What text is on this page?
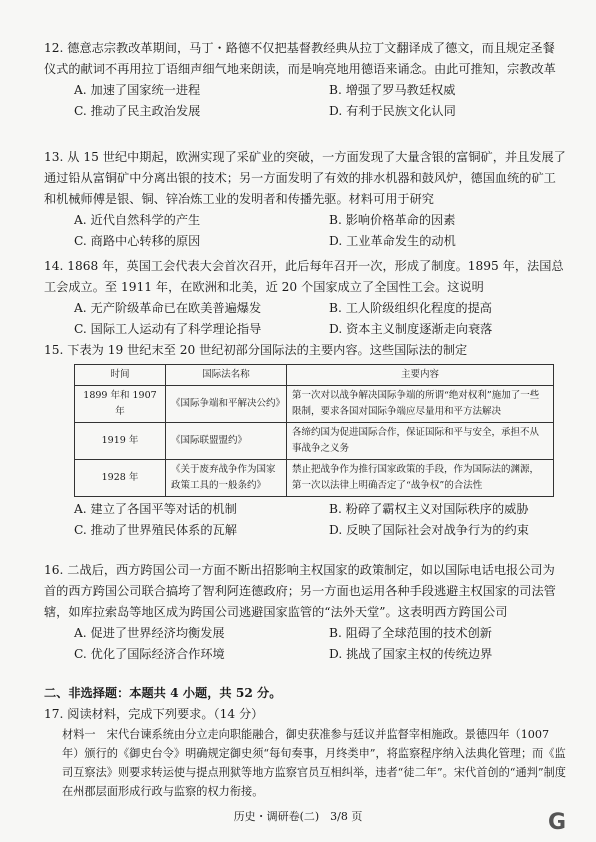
12. 德意志宗教改革期间，马丁・路德不仅把基督教经典从拉丁文翻译成了德文，而且规定圣餐仪式的献词不再用拉丁语细声细气地来朗读，而是响亮地用德语来诵念。由此可推知，宗教改革
A. 加速了国家统一进程	B. 增强了罗马教廷权威
C. 推动了民主政治发展	D. 有利于民族文化认同
13. 从 15 世纪中期起，欧洲实现了采矿业的突破，一方面发现了大量含银的富铜矿，并且发展了通过铅从富铜矿中分离出银的技术；另一方面发明了有效的排水机器和鼓风炉，德国血统的矿工和机械师傅是银、铜、锌冶炼工业的发明者和传播先驱。材料可用于研究
A. 近代自然科学的产生	B. 影响价格革命的因素
C. 商路中心转移的原因	D. 工业革命发生的动机
14. 1868 年，英国工会代表大会首次召开，此后每年召开一次，形成了制度。1895 年，法国总工会成立。至 1911 年，在欧洲和北美，近 20 个国家成立了全国性工会。这说明
A. 无产阶级革命已在欧美普遍爆发	B. 工人阶级组织化程度的提高
C. 国际工人运动有了科学理论指导	D. 资本主义制度逐渐走向衰落
15. 下表为 19 世纪末至 20 世纪初部分国际法的主要内容。这些国际法的制定
时间	国际法名称	主要内容
1899 年和 1907 年	《国际争端和平解决公约》	第一次对以战争解决国际争端的所谓“绝对权利”施加了一些限制，要求各国对国际争端应尽量用和平方法解决
1919 年	《国际联盟盟约》	各缔约国为促进国际合作，保证国际和平与安全，承担不从事战争之义务
1928 年	《关于废弃战争作为国家政策工具的一般条约》	禁止把战争作为推行国家政策的手段，作为国际法的渊源，第一次以法律上明确否定了“战争权”的合法性
A. 建立了各国平等对话的机制	B. 粉碎了霸权主义对国际秩序的威胁
C. 推动了世界殖民体系的瓦解	D. 反映了国际社会对战争行为的约束
16. 二战后，西方跨国公司一方面不断出招影响主权国家的政策制定，如以国际电话电报公司为首的西方跨国公司联合搞垮了智利阿连德政府；另一方面也运用各种手段逃避主权国家的司法管辖，如库拉索岛等地区成为跨国公司逃避国家监管的“法外天堂”。这表明西方跨国公司
A. 促进了世界经济均衡发展	B. 阻碍了全球范围的技术创新
C. 优化了国际经济合作环境	D. 挑战了国家主权的传统边界
二、非选择题：本题共 4 小题，共 52 分。
17. 阅读材料，完成下列要求。（14 分）
材料一　宋代台谏系统由分立走向职能融合，御史获准参与廷议并监督宰相施政。景德四年（1007 年）颁行的《御史台令》明确规定御史须“每旬奏事，月终类申”，将监察程序纳入法典化管理；而《监司互察法》则要求转运使与提点刑狱等地方监察官员互相纠举，违者“徒二年”。宋代首创的“通判”制度在州郡层面形成行政与监察的权力衔接。
历史・调研卷(二)　3/8 页	G
